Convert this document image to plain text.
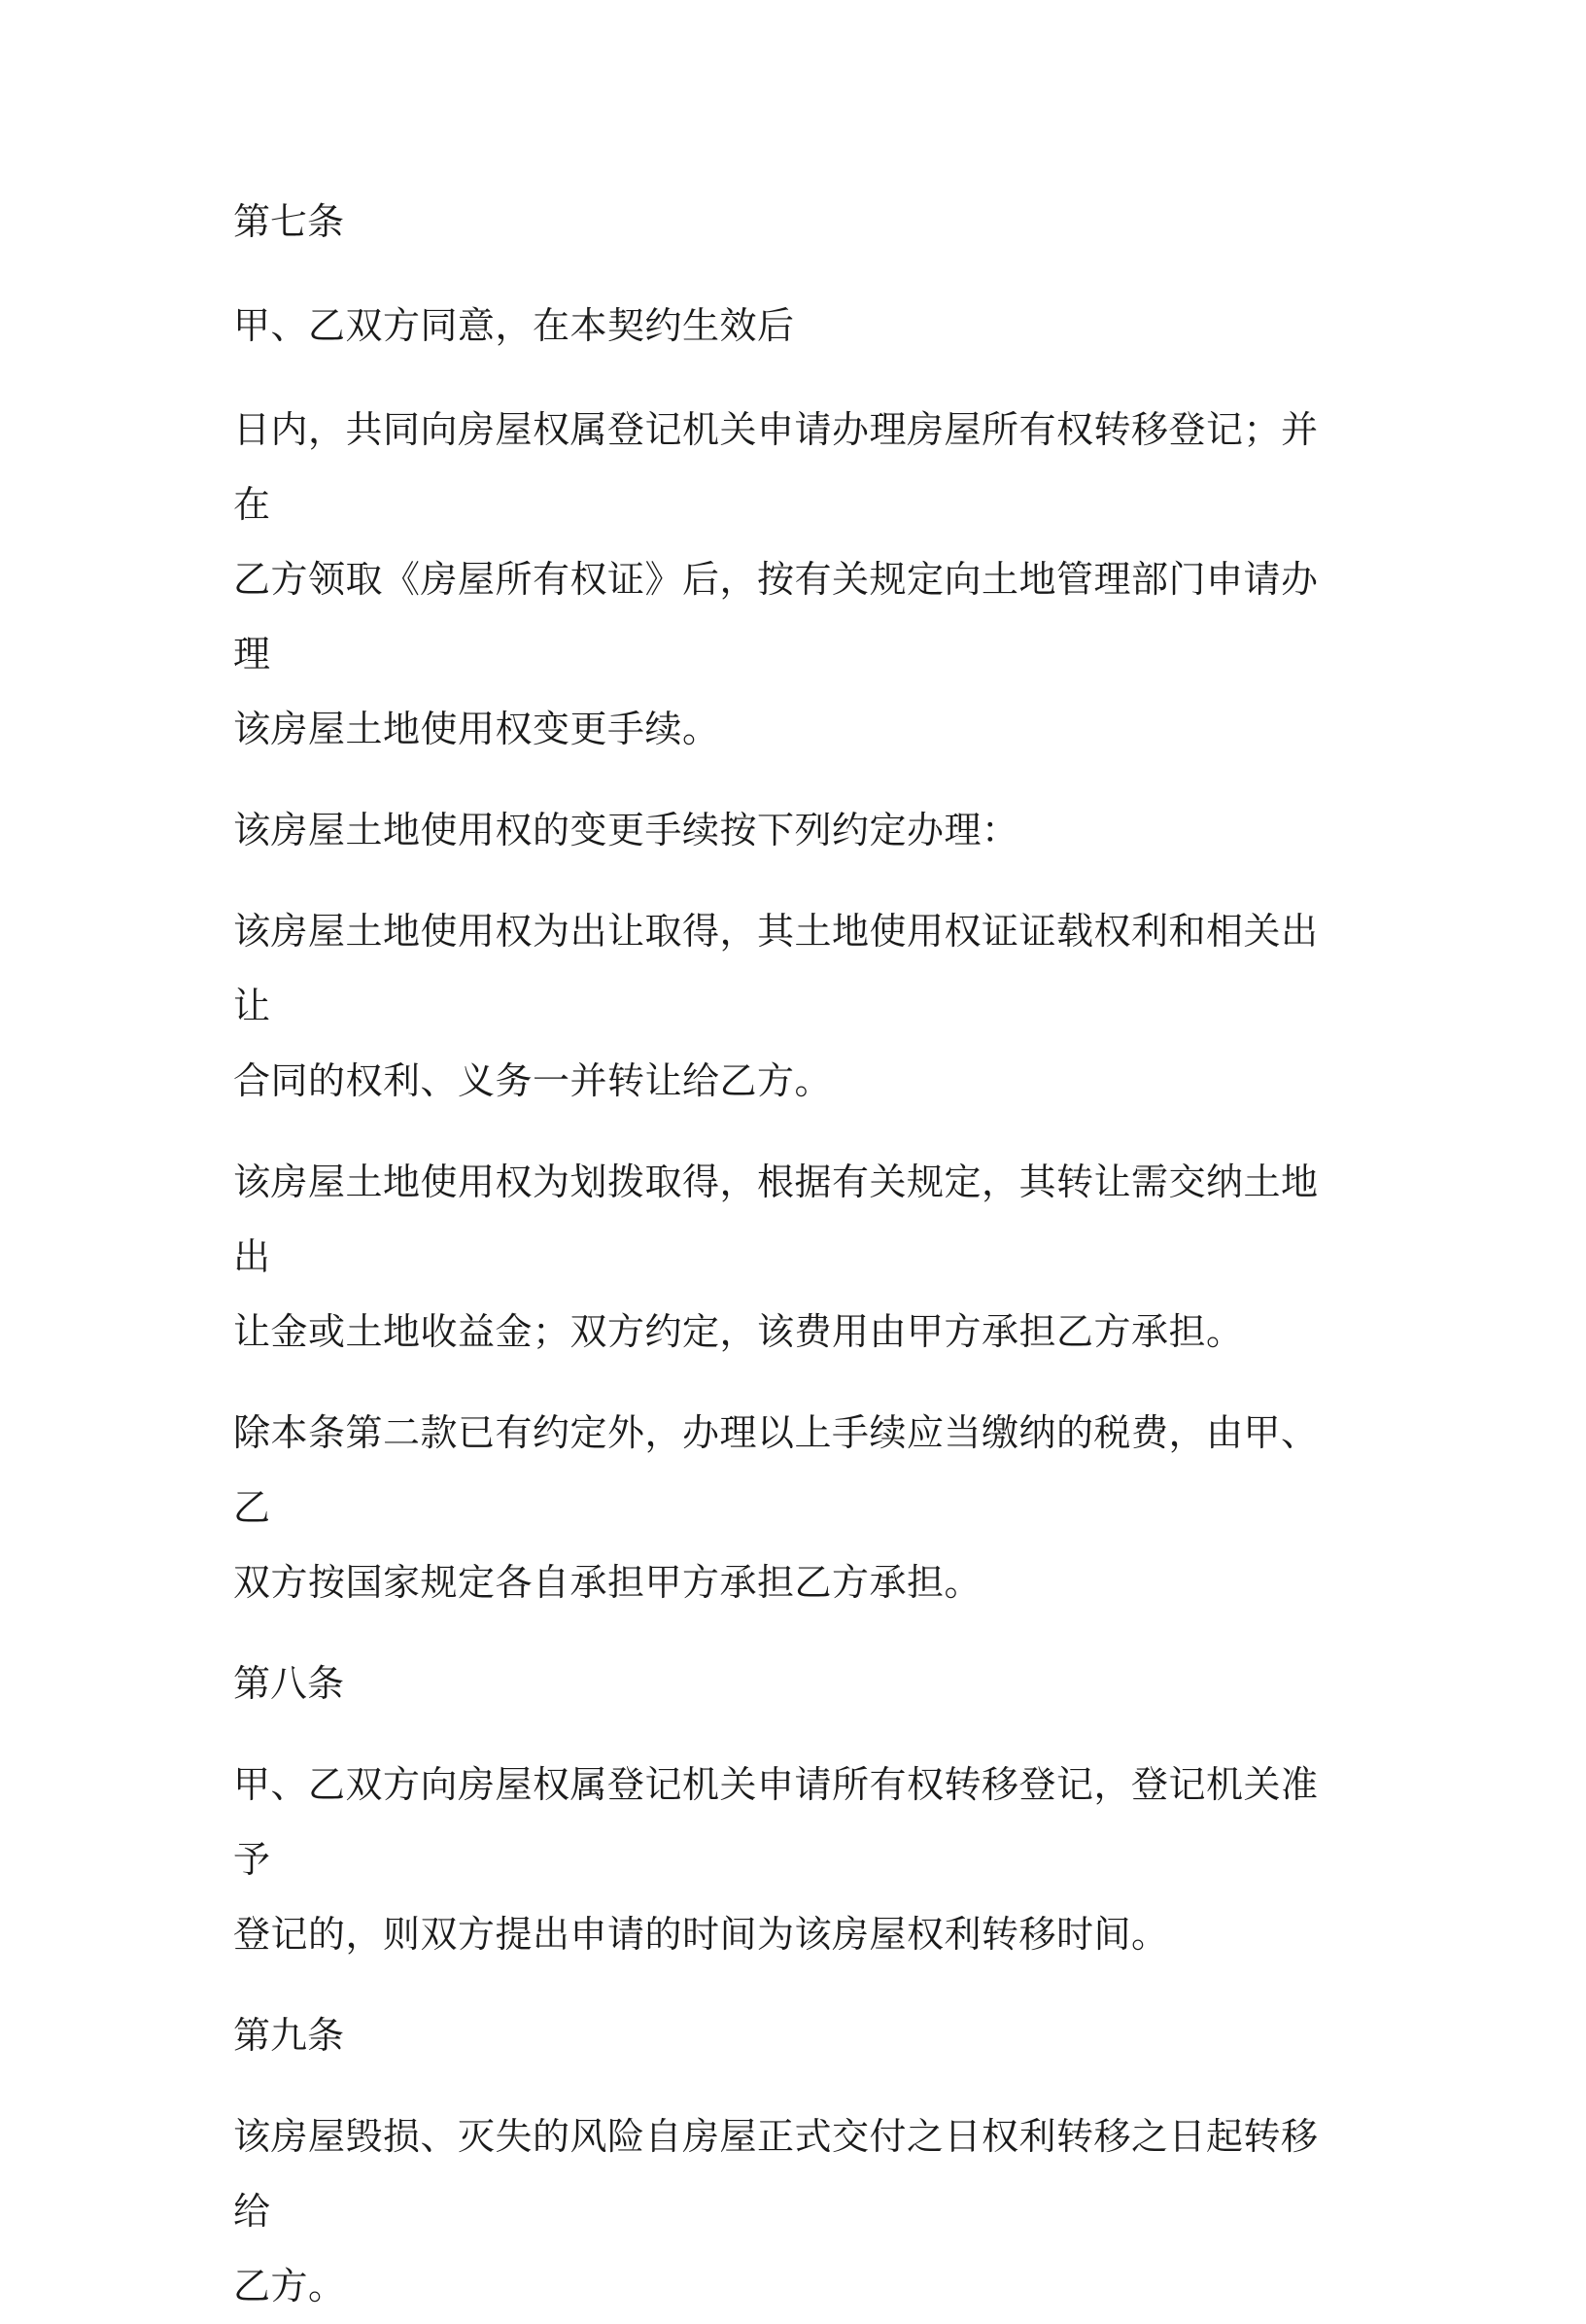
第七条

甲、乙双方同意，在本契约生效后

日内，共同向房屋权属登记机关申请办理房屋所有权转移登记；并在

乙方领取《房屋所有权证》后，按有关规定向土地管理部门申请办理

该房屋土地使用权变更手续。

该房屋土地使用权的变更手续按下列约定办理：

该房屋土地使用权为出让取得，其土地使用权证证载权利和相关出让

合同的权利、义务一并转让给乙方。

该房屋土地使用权为划拨取得，根据有关规定，其转让需交纳土地出

让金或土地收益金；双方约定，该费用由甲方承担乙方承担。

除本条第二款已有约定外，办理以上手续应当缴纳的税费，由甲、乙

双方按国家规定各自承担甲方承担乙方承担。

第八条

甲、乙双方向房屋权属登记机关申请所有权转移登记，登记机关准予

登记的，则双方提出申请的时间为该房屋权利转移时间。

第九条

该房屋毁损、灭失的风险自房屋正式交付之日权利转移之日起转移给

乙方。
